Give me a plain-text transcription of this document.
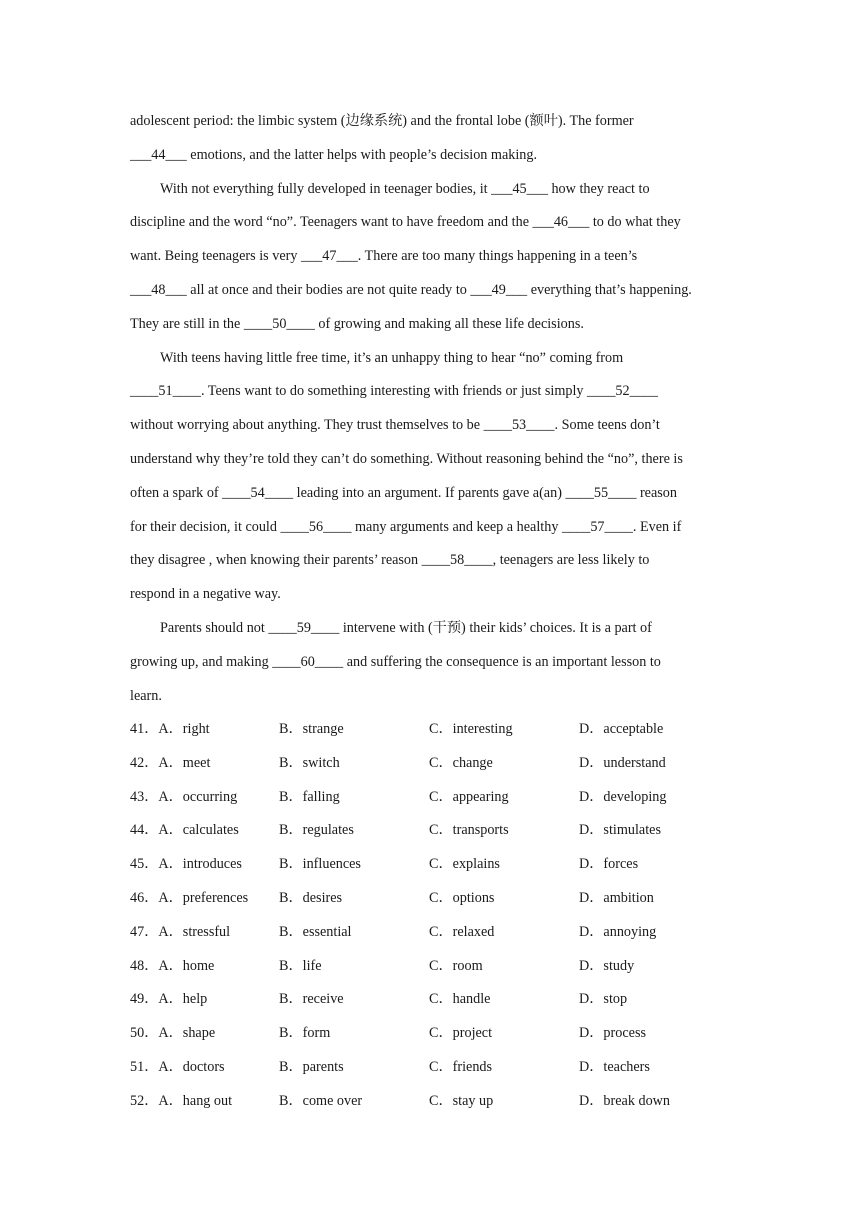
adolescent period: the limbic system (边缘系统) and the frontal lobe (额叶). The former
___44___ emotions, and the latter helps with people’s decision making.
With not everything fully developed in teenager bodies, it ___45___ how they react to
discipline and the word “no”. Teenagers want to have freedom and the ___46___ to do what they
want. Being teenagers is very ___47___. There are too many things happening in a teen’s
___48___ all at once and their bodies are not quite ready to ___49___ everything that’s happening.
They are still in the ____50____ of growing and making all these life decisions.
With teens having little free time, it’s an unhappy thing to hear “no” coming from
____51____. Teens want to do something interesting with friends or just simply ____52____
without worrying about anything. They trust themselves to be ____53____. Some teens don’t
understand why they’re told they can’t do something. Without reasoning behind the “no”, there is
often a spark of ____54____ leading into an argument. If parents gave a(an) ____55____ reason
for their decision, it could ____56____ many arguments and keep a healthy ____57____. Even if
they disagree , when knowing their parents’ reason ____58____, teenagers are less likely to
respond in a negative way.
Parents should not ____59____ intervene with (干预) their kids’ choices. It is a part of
growing up, and making ____60____ and suffering the consequence is an important lesson to
learn.
41．A．right	B．strange	C．interesting	D．acceptable
42．A．meet	B．switch	C．change	D．understand
43．A．occurring	B．falling	C．appearing	D．developing
44．A．calculates	B．regulates	C．transports	D．stimulates
45．A．introduces	B．influences	C．explains	D．forces
46．A．preferences B．desires	C．options	D．ambition
47．A．stressful	B．essential	C．relaxed	D．annoying
48．A．home	B．life	C．room	D．study
49．A．help	B．receive	C．handle	D．stop
50．A．shape	B．form	C．project	D．process
51．A．doctors	B．parents	C．friends	D．teachers
52．A．hang out	B．come over	C．stay up	D．break down
